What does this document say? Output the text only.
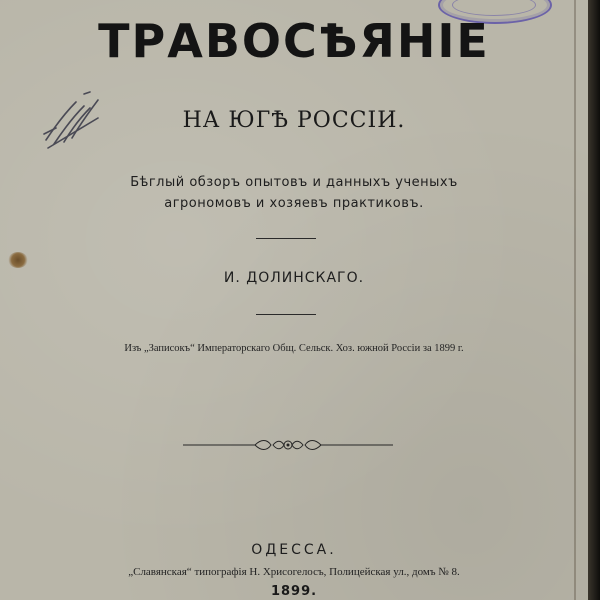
ТРАВОСѢЯНІЕ
НА ЮГѢ РОССІИ.
Бѣглый обзоръ опытовъ и данныхъ ученыхъ
агрономовъ и хозяевъ практиковъ.
И. ДОЛИНСКАГО.
Изъ „Записокъ“ Императорскаго Общ. Сельск. Хоз. южной Россіи за 1899 г.
ОДЕССА.
„Славянская“ типографія Н. Хрисогелосъ, Полицейская ул., домъ № 8.
1899.
